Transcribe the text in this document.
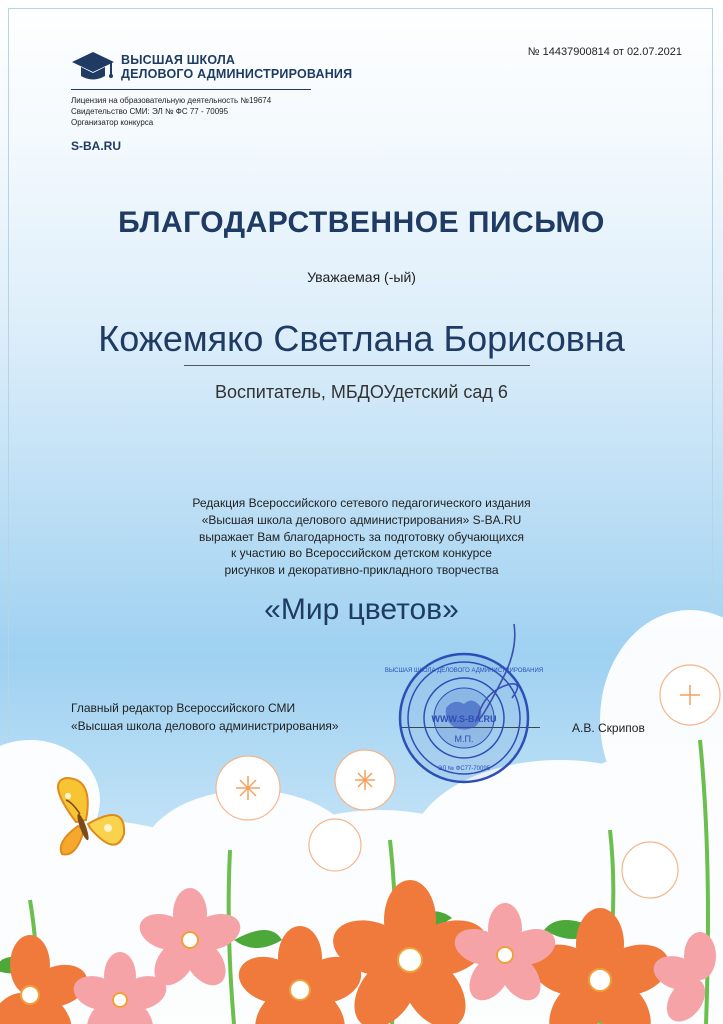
ВЫСШАЯ ШКОЛА
ДЕЛОВОГО АДМИНИСТРИРОВАНИЯ
Лицензия на образовательную деятельность №19674
Свидетельство СМИ: ЭЛ № ФС 77 - 70095
Организатор конкурса
S-BA.RU
№ 14437900814 от 02.07.2021
БЛАГОДАРСТВЕННОЕ ПИСЬМО
Уважаемая (-ый)
Кожемяко Светлана Борисовна
Воспитатель, МБДОУдетский сад 6
Редакция Всероссийского сетевого педагогического издания
«Высшая школа делового администрирования» S-BA.RU
выражает Вам благодарность за подготовку обучающихся
к участию во Всероссийском детском конкурсе
рисунков и декоративно-прикладного творчества
«Мир цветов»
Главный редактор Всероссийского СМИ
«Высшая школа делового администрирования»	А.В. Скрипов
WWW.S-BA.RU
М.П.
ВЫСШАЯ ШКОЛА ДЕЛОВОГО АДМИНИСТРИРОВАНИЯ
ЭЛ № ФС77-70095
